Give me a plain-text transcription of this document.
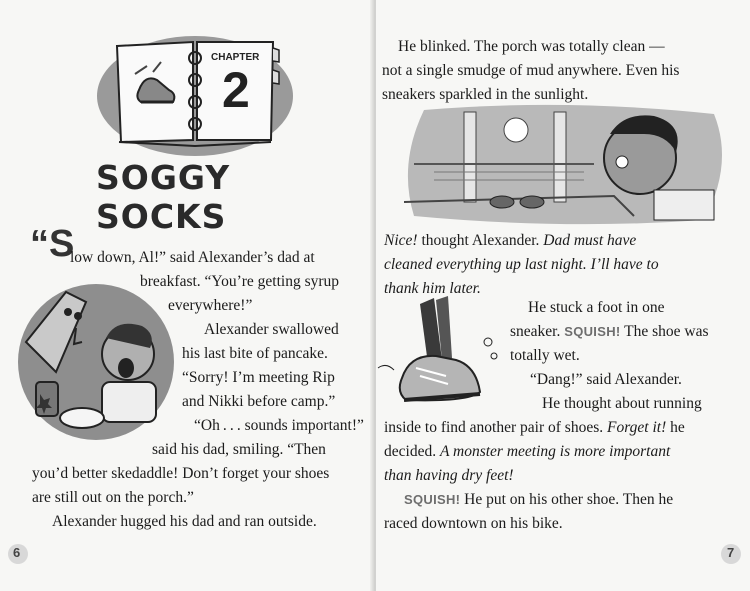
CHAPTER
2
SOGGY SOCKS
“S
low down, Al!” said Alexander’s dad at
breakfast. “You’re getting syrup
everywhere!”
Alexander swallowed
his last bite of pancake.
“Sorry! I’m meeting Rip
and Nikki before camp.”
“Oh . . . sounds important!”
said his dad, smiling. “Then
you’d better skedaddle! Don’t forget your shoes
are still out on the porch.”
Alexander hugged his dad and ran outside.
6
He blinked. The porch was totally clean —
not a single smudge of mud anywhere. Even his
sneakers sparkled in the sunlight.
Nice! thought Alexander. Dad must have
cleaned everything up last night. I’ll have to
thank him later.
He stuck a foot in one
sneaker. SQUISH! The shoe was
totally wet.
“Dang!” said Alexander.
He thought about running
inside to find another pair of shoes. Forget it! he
decided. A monster meeting is more important
than having dry feet!
SQUISH! He put on his other shoe. Then he
raced downtown on his bike.
7
